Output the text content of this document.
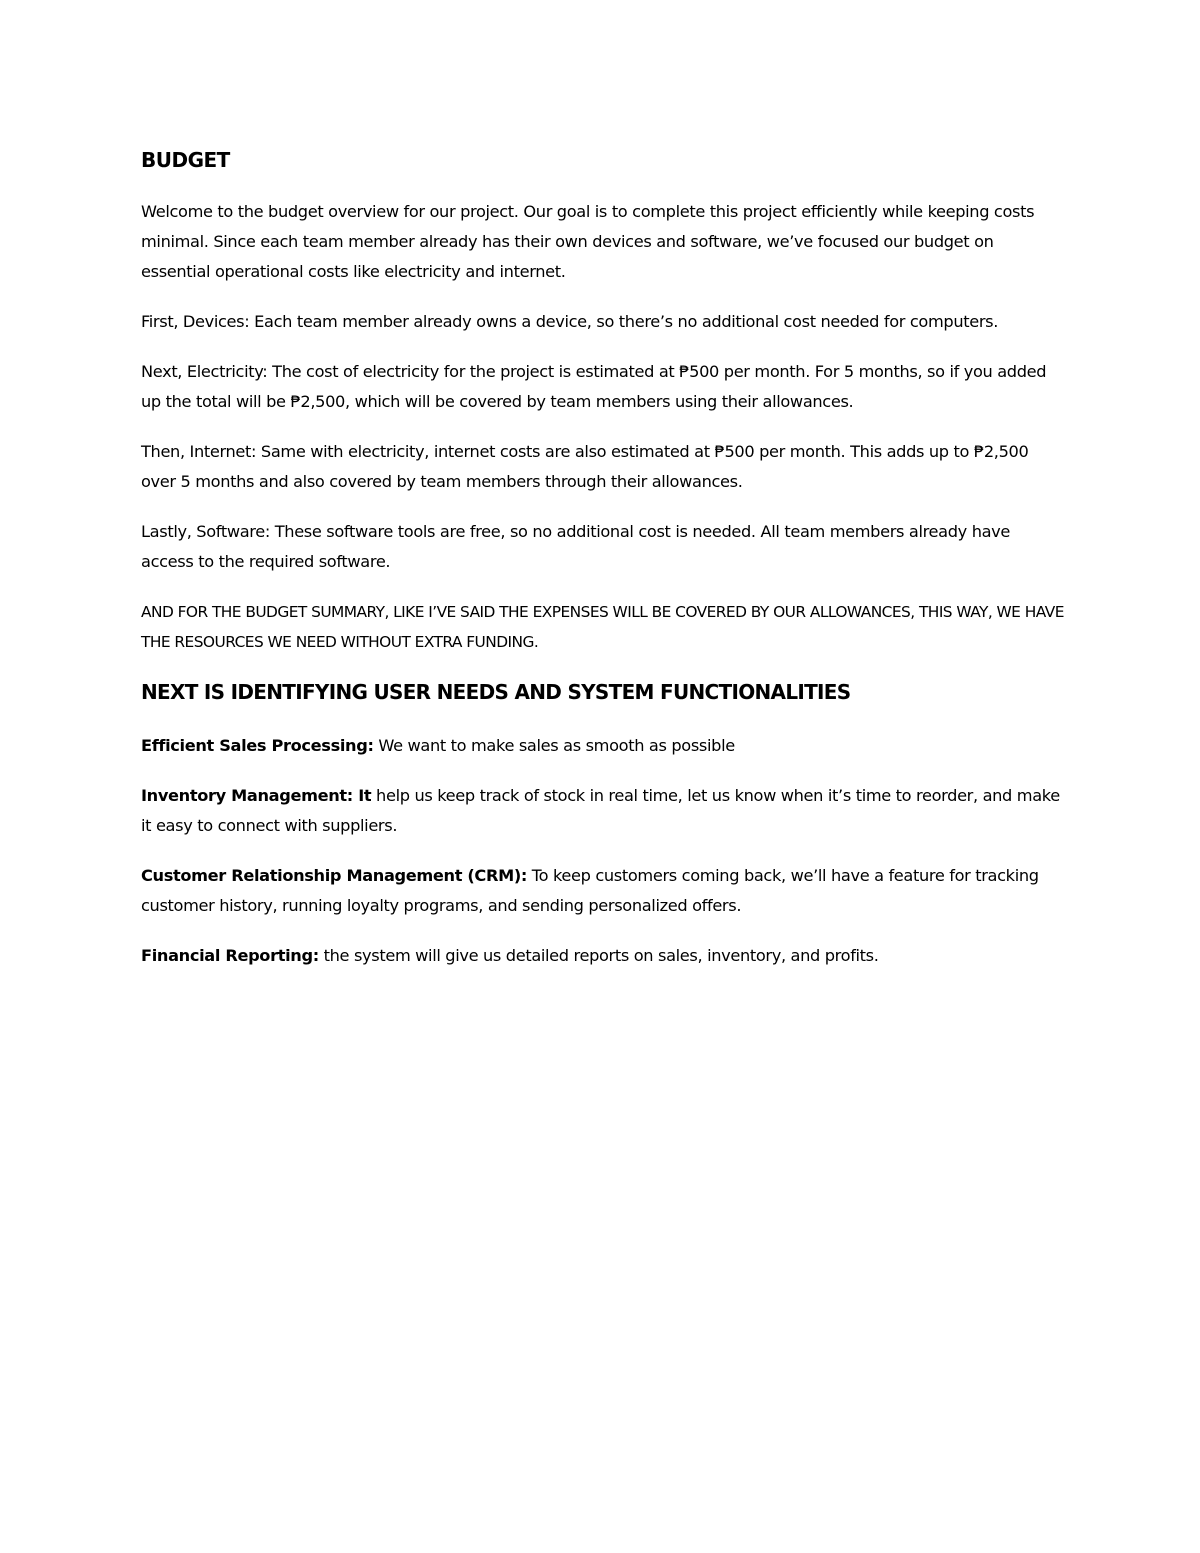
BUDGET

Welcome to the budget overview for our project. Our goal is to complete this project efficiently while keeping costs minimal. Since each team member already has their own devices and software, we’ve focused our budget on essential operational costs like electricity and internet.

First, Devices: Each team member already owns a device, so there’s no additional cost needed for computers.

Next, Electricity: The cost of electricity for the project is estimated at ₱500 per month. For 5 months, so if you added up the total will be ₱2,500, which will be covered by team members using their allowances.

Then, Internet: Same with electricity, internet costs are also estimated at ₱500 per month. This adds up to ₱2,500 over 5 months and also covered by team members through their allowances.

Lastly, Software: These software tools are free, so no additional cost is needed. All team members already have access to the required software.

AND FOR THE BUDGET SUMMARY, LIKE I’VE SAID THE EXPENSES WILL BE COVERED BY OUR ALLOWANCES, THIS WAY, WE HAVE THE RESOURCES WE NEED WITHOUT EXTRA FUNDING.

NEXT IS IDENTIFYING USER NEEDS AND SYSTEM FUNCTIONALITIES

Efficient Sales Processing: We want to make sales as smooth as possible

Inventory Management: It help us keep track of stock in real time, let us know when it’s time to reorder, and make it easy to connect with suppliers.

Customer Relationship Management (CRM): To keep customers coming back, we’ll have a feature for tracking customer history, running loyalty programs, and sending personalized offers.

Financial Reporting: the system will give us detailed reports on sales, inventory, and profits.
